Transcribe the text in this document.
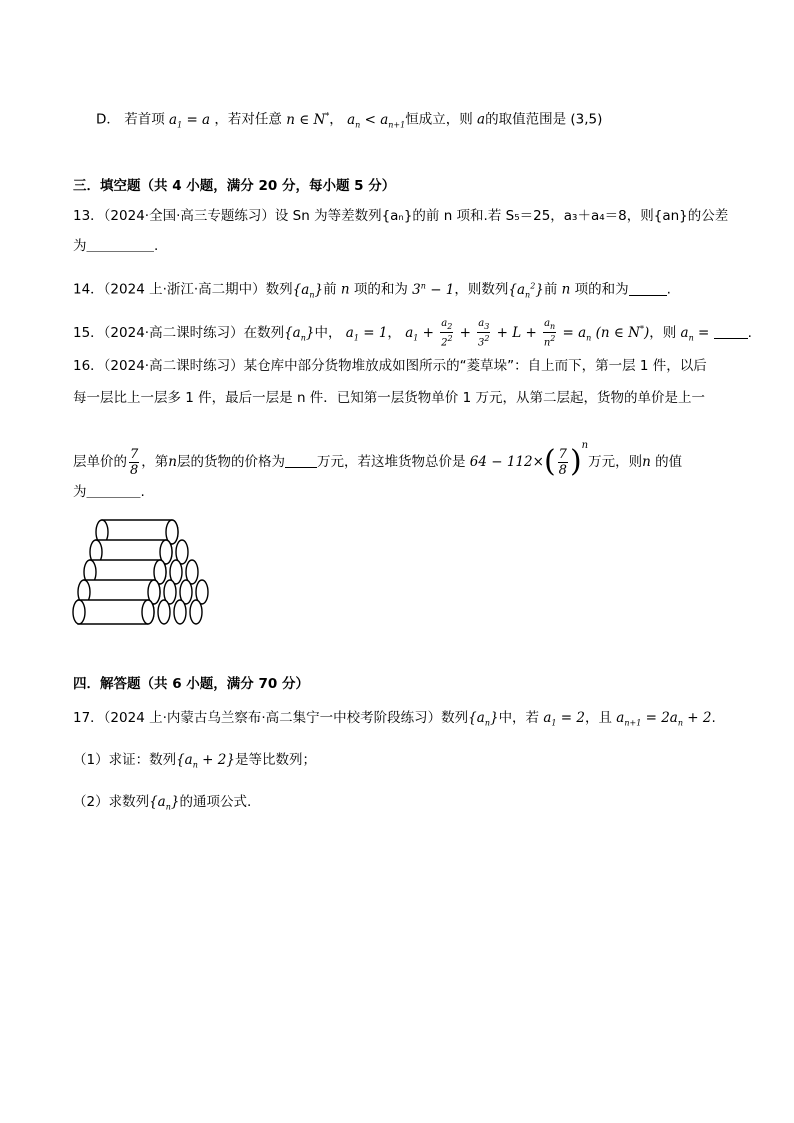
D． 若首项 $a_1 = a$ ，若对任意 n ∈ N*， $a_n < a_{n+1}$恒成立，则 a的取值范围是 (3,5)
三．填空题（共 4 小题，满分 20 分，每小题 5 分）
13．（2024·全国·高三专题练习）设 Sn 为等差数列{aₙ}的前 n 项和.若 S₅＝25，a₃＋a₄＝8，则{an}的公差
为＿＿＿＿＿.
14．（2024 上·浙江·高二期中）数列$\{a_n\}$前 n 项的和为 $3^n - 1$，则数列$\{a_n^2\}$前 n 项的和为	.
15．（2024·高二课时练习）在数列$\{a_n\}$中， $a_1 = 1$， $a_1 + \frac{a_2}{2^2} + \frac{a_3}{3^2} + L + \frac{a_n}{n^2} = a_n$ (n ∈ N*)，则 $a_n$ =	.
16．（2024·高二课时练习）某仓库中部分货物堆放成如图所示的“菱草垛”：自上而下，第一层 1 件，以后
每一层比上一层多 1 件，最后一层是 n 件．已知第一层货物单价 1 万元，从第二层起，货物的单价是上一
层单价的 $\frac{7}{8}$ ，第n层的货物的价格为 万元，若这堆货物总价是 $64 - 112\times( \frac{7}{8} )^n$万元，则n 的值
为＿＿＿＿.
四．解答题（共 6 小题，满分 70 分）
17．（2024 上·内蒙古乌兰察布·高二集宁一中校考阶段练习）数列$\{a_n\}$中，若 $a_1 = 2$，且 $a_{n+1} = 2a_n + 2$.
（1）求证：数列$\{a_n + 2\}$是等比数列；
（2）求数列$\{a_n\}$的通项公式.
